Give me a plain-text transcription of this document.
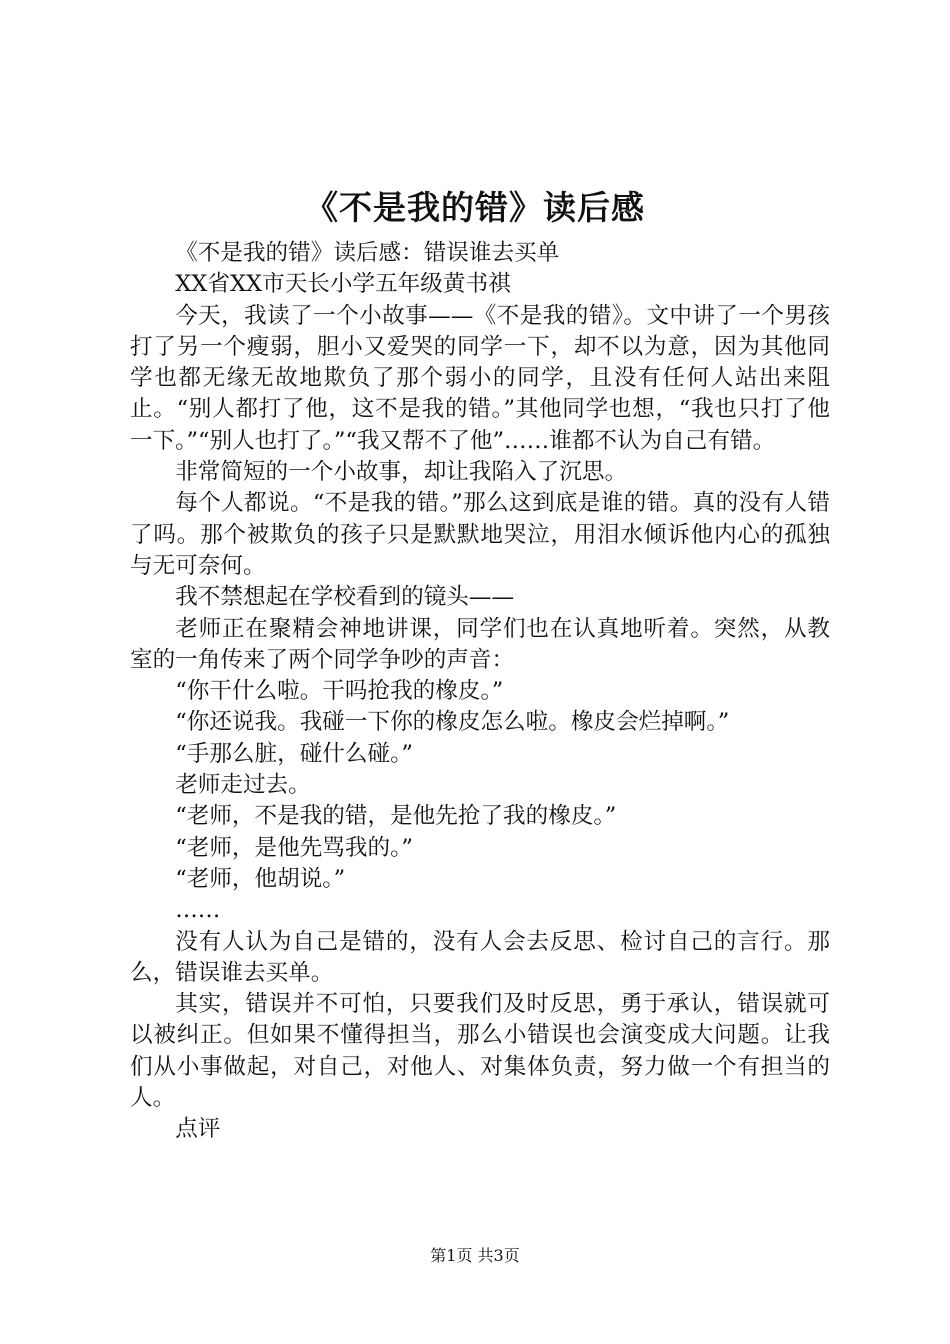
《不是我的错》读后感

《不是我的错》读后感：错误谁去买单

XX省XX市天长小学五年级黄书祺

今天，我读了一个小故事——《不是我的错》。文中讲了一个男孩打了另一个瘦弱，胆小又爱哭的同学一下，却不以为意，因为其他同学也都无缘无故地欺负了那个弱小的同学，且没有任何人站出来阻止。“别人都打了他，这不是我的错。”其他同学也想，“我也只打了他一下。”“别人也打了。”“我又帮不了他”……谁都不认为自己有错。

非常简短的一个小故事，却让我陷入了沉思。

每个人都说。“不是我的错。”那么这到底是谁的错。真的没有人错了吗。那个被欺负的孩子只是默默地哭泣，用泪水倾诉他内心的孤独与无可奈何。

我不禁想起在学校看到的镜头——

老师正在聚精会神地讲课，同学们也在认真地听着。突然，从教室的一角传来了两个同学争吵的声音：

“你干什么啦。干吗抢我的橡皮。”

“你还说我。我碰一下你的橡皮怎么啦。橡皮会烂掉啊。”

“手那么脏，碰什么碰。”

老师走过去。

“老师，不是我的错，是他先抢了我的橡皮。”

“老师，是他先骂我的。”

“老师，他胡说。”

……

没有人认为自己是错的，没有人会去反思、检讨自己的言行。那么，错误谁去买单。

其实，错误并不可怕，只要我们及时反思，勇于承认，错误就可以被纠正。但如果不懂得担当，那么小错误也会演变成大问题。让我们从小事做起，对自己，对他人、对集体负责，努力做一个有担当的人。

点评

第1页 共3页
